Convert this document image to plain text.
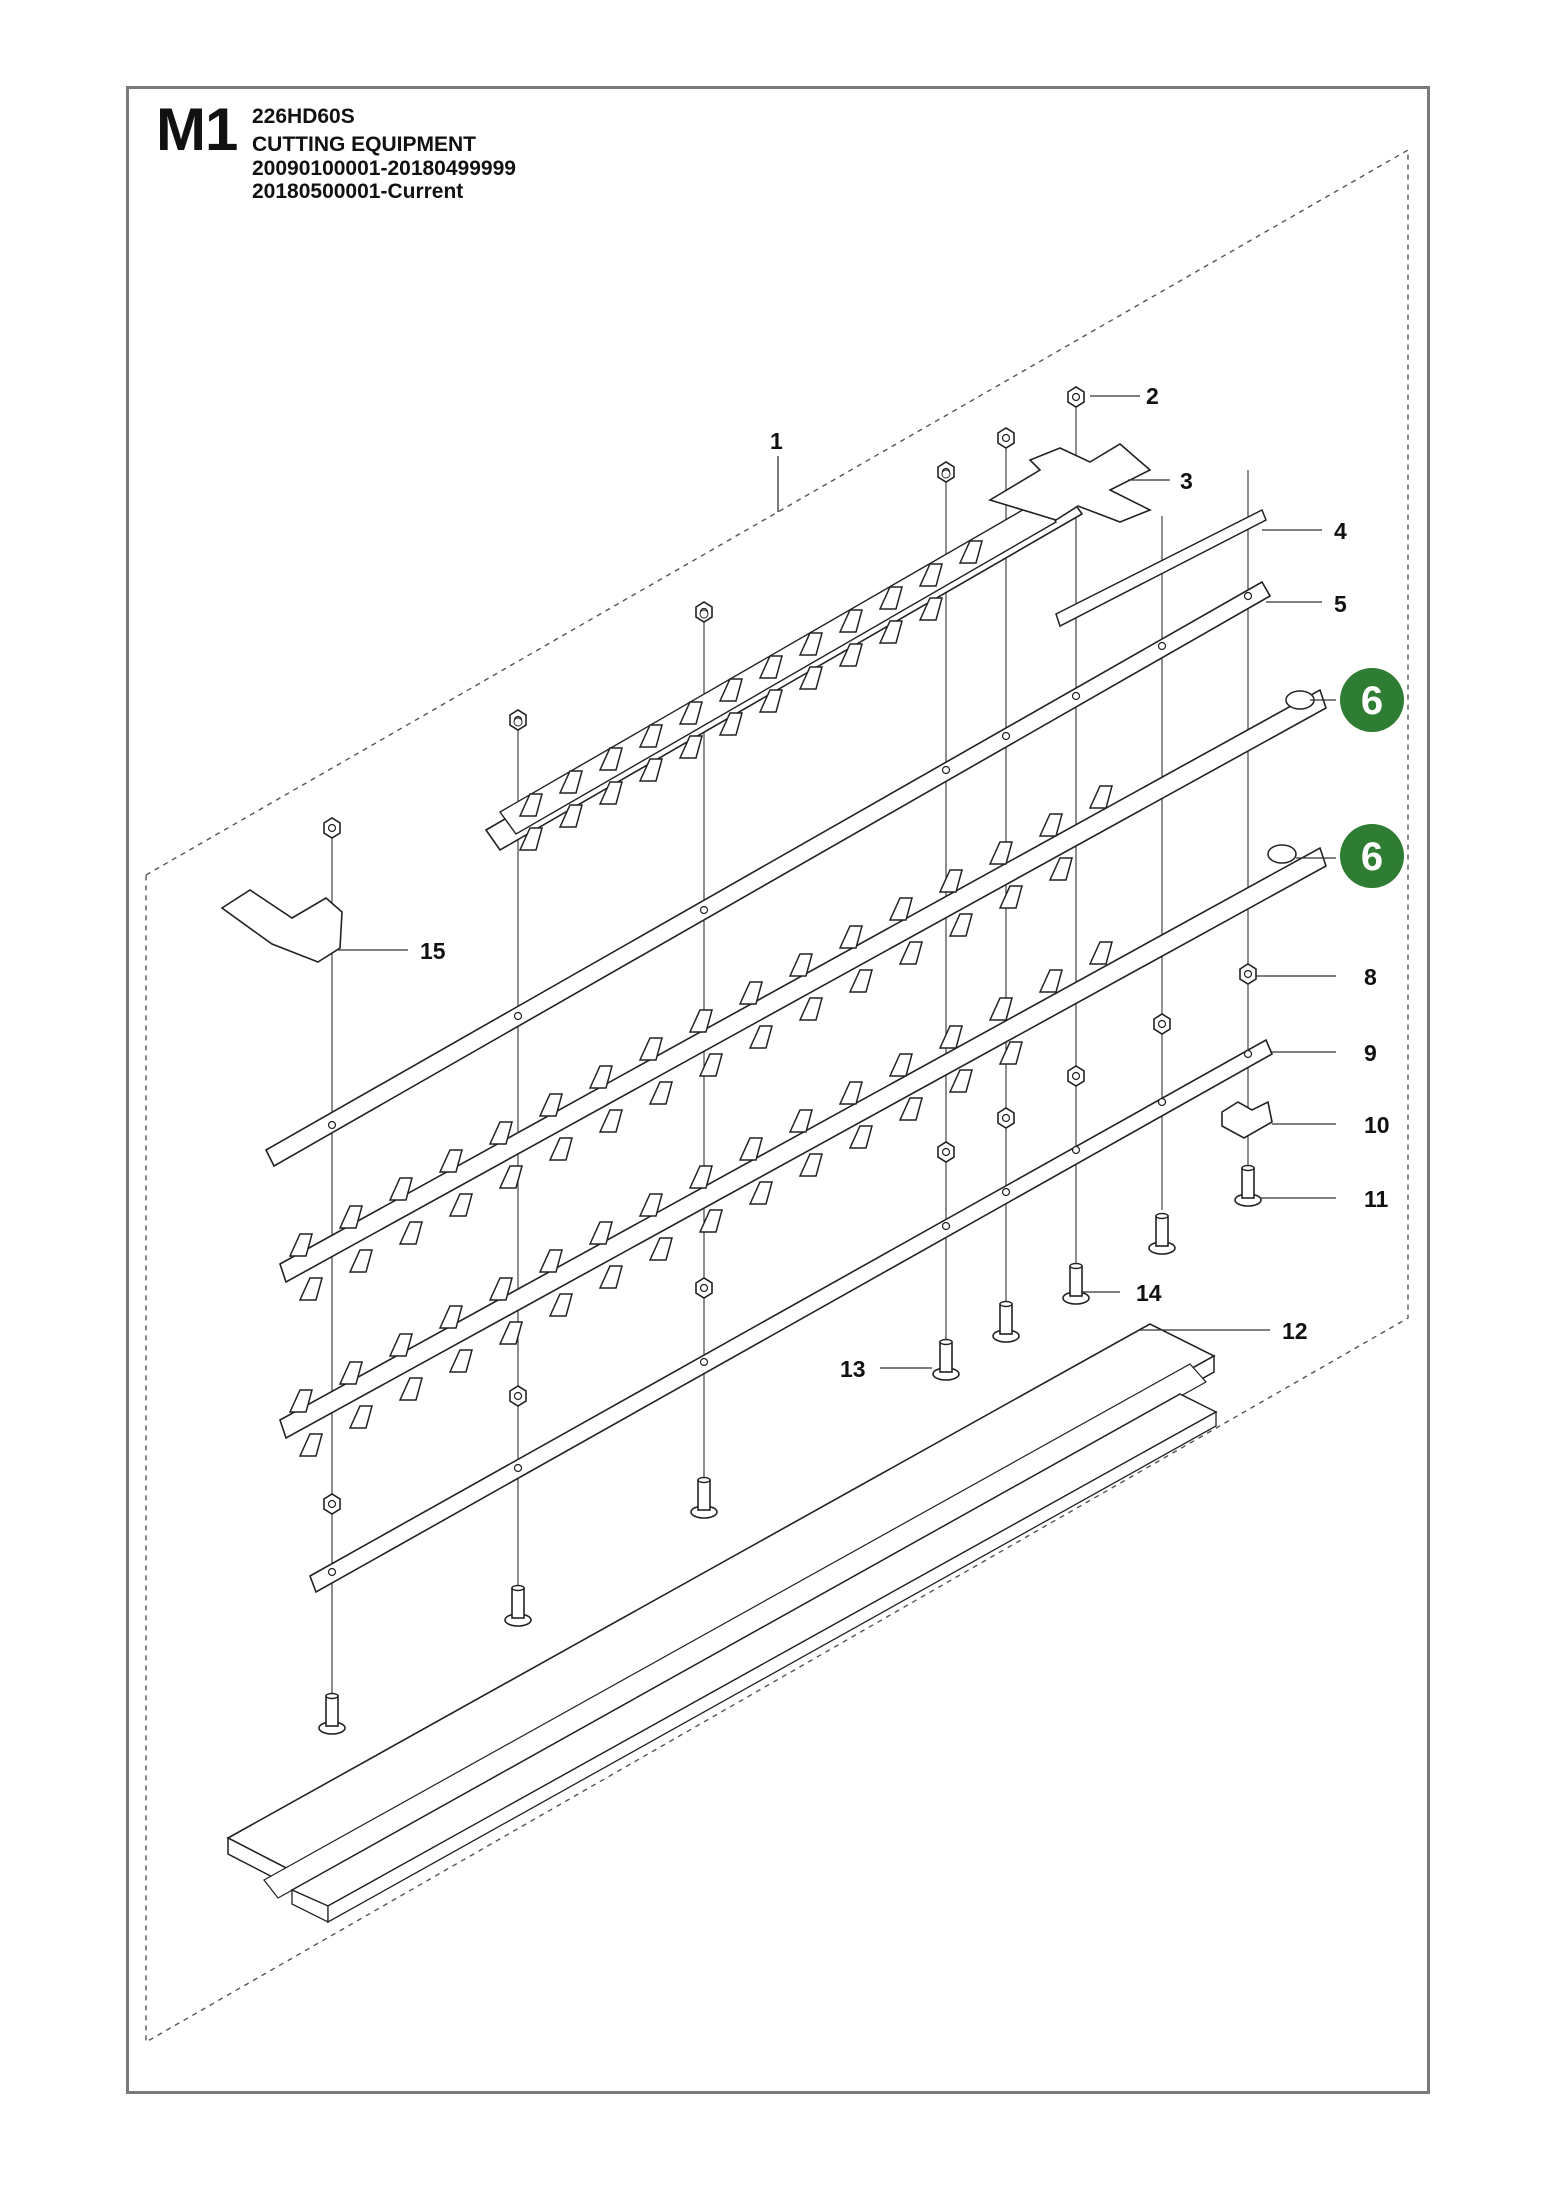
M1 226HD60S
CUTTING EQUIPMENT
20090100001-20180499999
20180500001-Current
1
2
3
4
5
8
9
10
11
12
13
14
15
6
6
